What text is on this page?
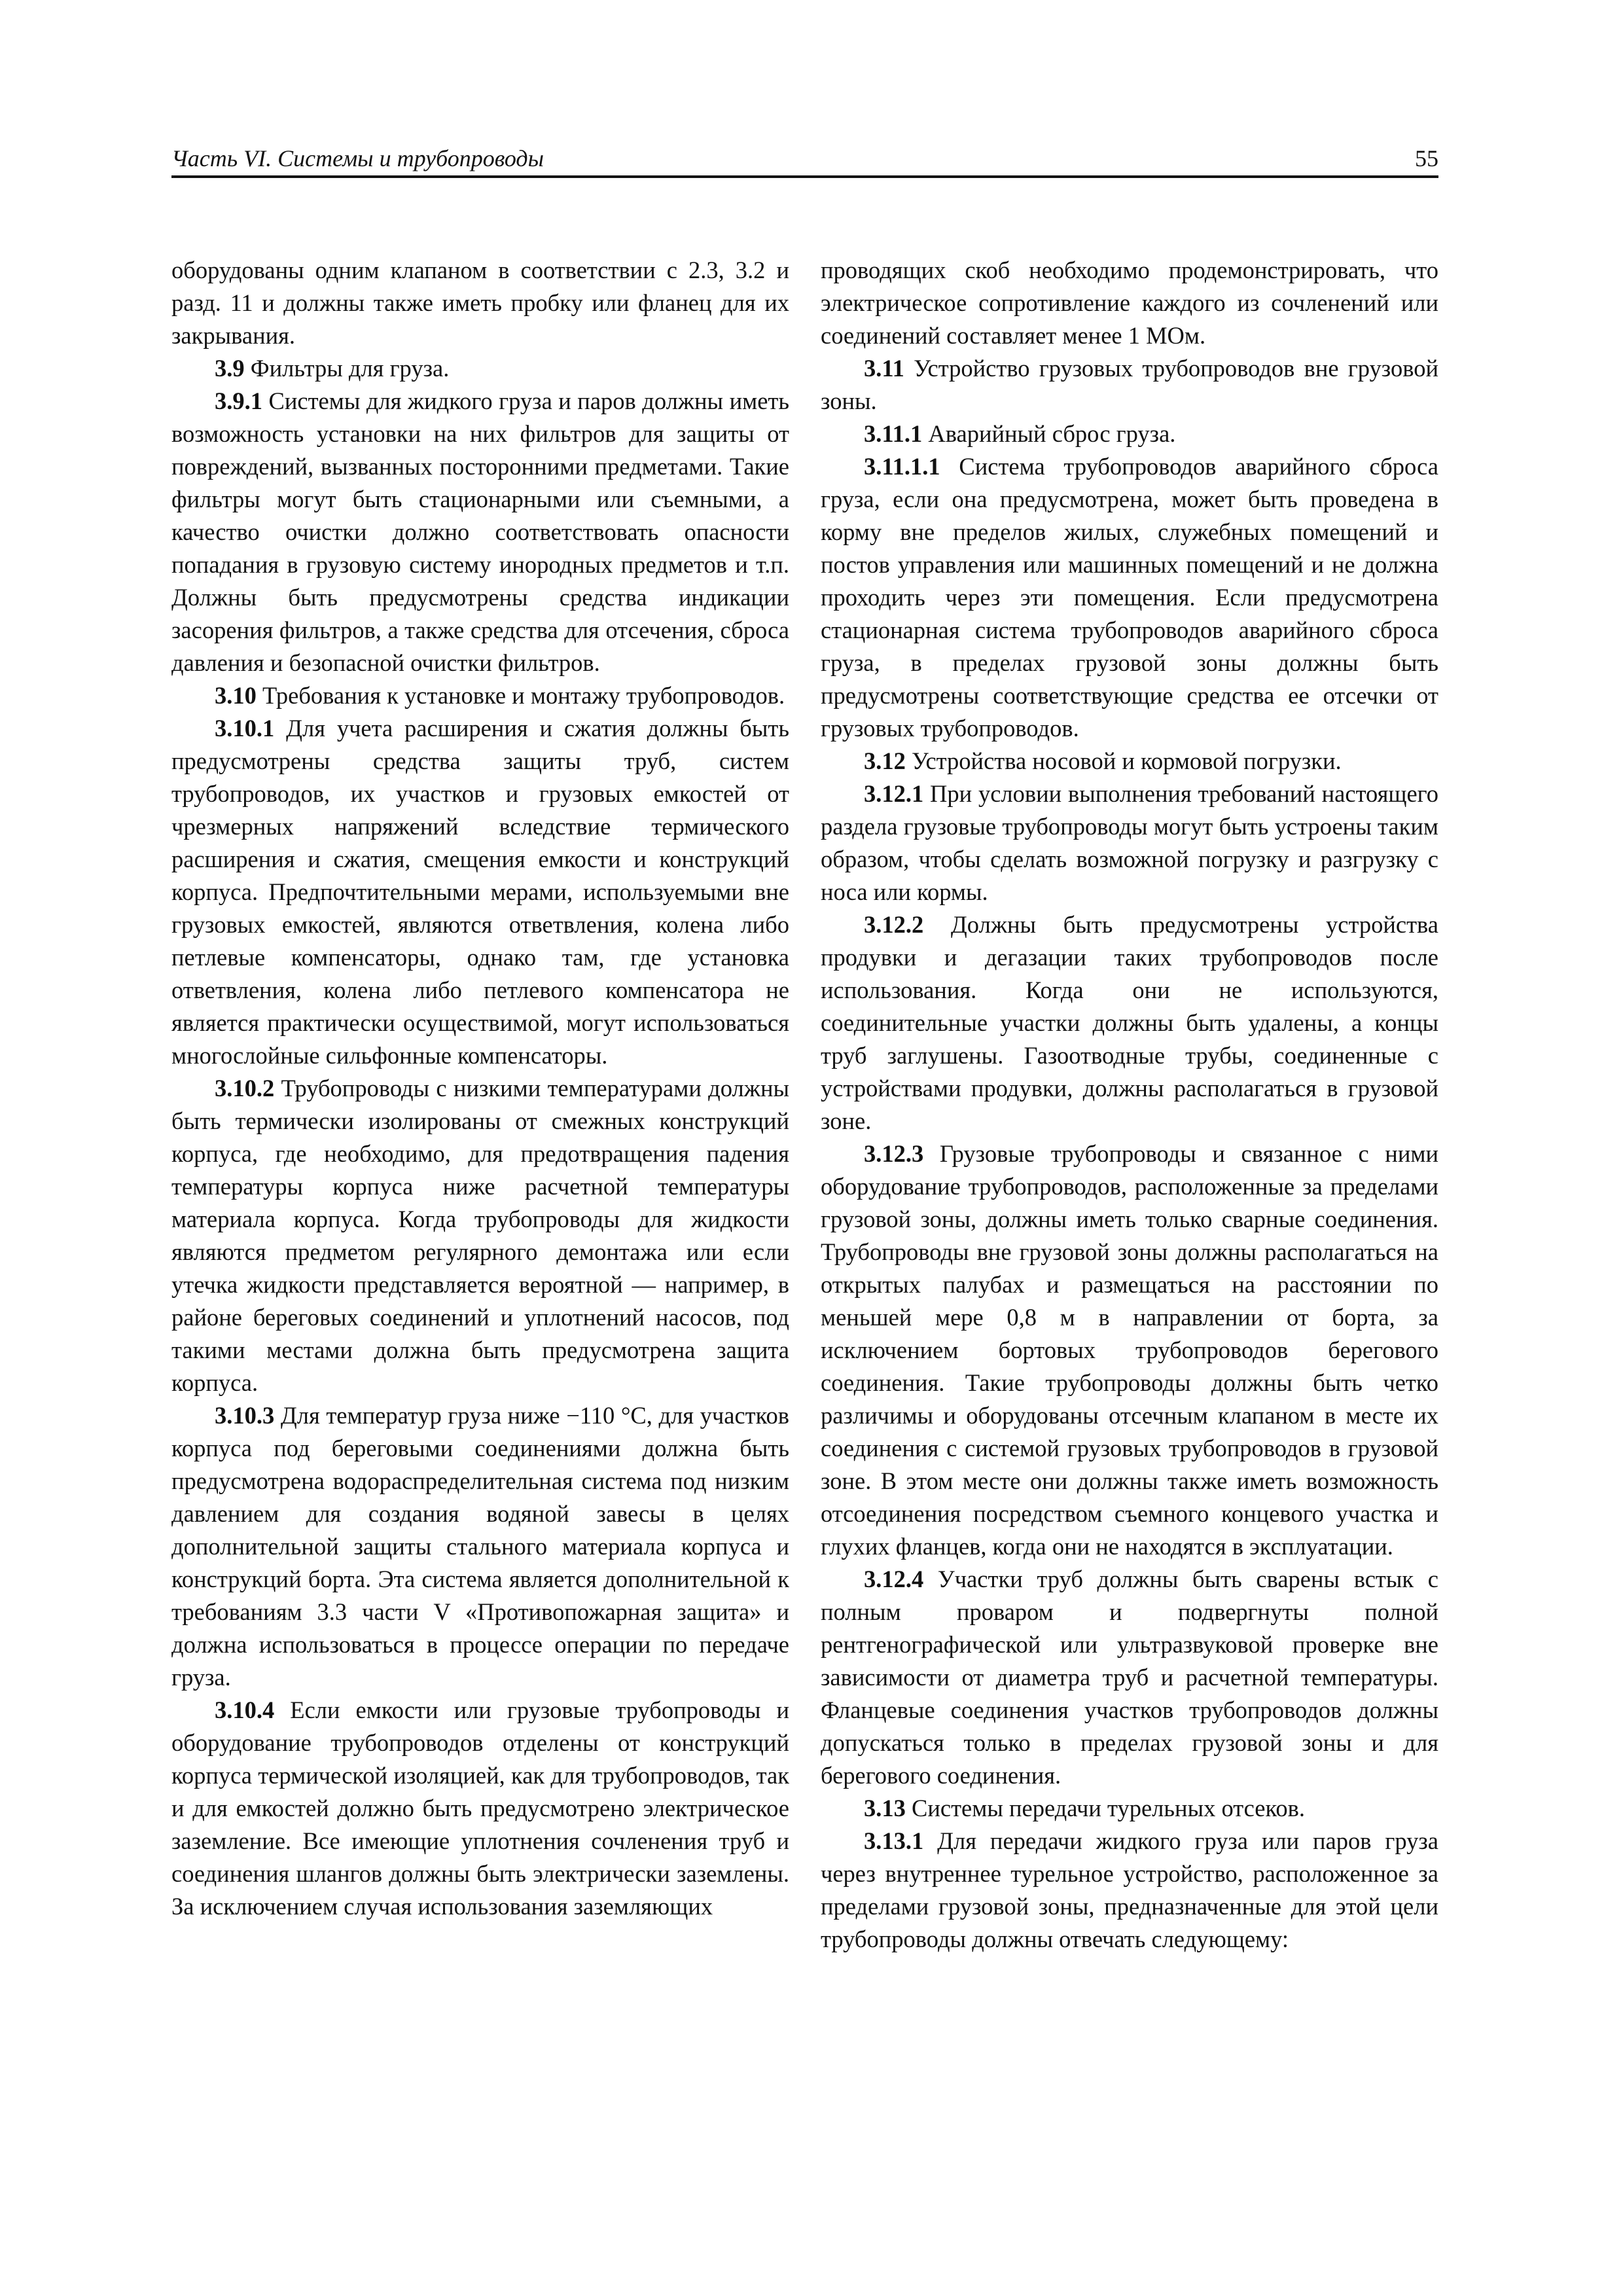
Часть VI. Системы и трубопроводы	55

оборудованы одним клапаном в соответствии с 2.3, 3.2 и разд. 11 и должны также иметь пробку или фланец для их закрывания.

3.9 Фильтры для груза.

3.9.1 Системы для жидкого груза и паров должны иметь возможность установки на них фильтров для защиты от повреждений, вызванных посторонними предметами. Такие фильтры могут быть стационарными или съемными, а качество очистки должно соответствовать опасности попадания в грузовую систему инородных предметов и т.п. Должны быть предусмотрены средства индикации засорения фильтров, а также средства для отсечения, сброса давления и безопасной очистки фильтров.

3.10 Требования к установке и монтажу трубопроводов.

3.10.1 Для учета расширения и сжатия должны быть предусмотрены средства защиты труб, систем трубопроводов, их участков и грузовых емкостей от чрезмерных напряжений вследствие термического расширения и сжатия, смещения емкости и конструкций корпуса. Предпочтительными мерами, используемыми вне грузовых емкостей, являются ответвления, колена либо петлевые компенсаторы, однако там, где установка ответвления, колена либо петлевого компенсатора не является практически осуществимой, могут использоваться многослойные сильфонные компенсаторы.

3.10.2 Трубопроводы с низкими температурами должны быть термически изолированы от смежных конструкций корпуса, где необходимо, для предотвращения падения температуры корпуса ниже расчетной температуры материала корпуса. Когда трубопроводы для жидкости являются предметом регулярного демонтажа или если утечка жидкости представляется вероятной — например, в районе береговых соединений и уплотнений насосов, под такими местами должна быть предусмотрена защита корпуса.

3.10.3 Для температур груза ниже −110 °C, для участков корпуса под береговыми соединениями должна быть предусмотрена водораспределительная система под низким давлением для создания водяной завесы в целях дополнительной защиты стального материала корпуса и конструкций борта. Эта система является дополнительной к требованиям 3.3 части V «Противопожарная защита» и должна использоваться в процессе операции по передаче груза.

3.10.4 Если емкости или грузовые трубопроводы и оборудование трубопроводов отделены от конструкций корпуса термической изоляцией, как для трубопроводов, так и для емкостей должно быть предусмотрено электрическое заземление. Все имеющие уплотнения сочленения труб и соединения шлангов должны быть электрически заземлены. За исключением случая использования заземляющих

проводящих скоб необходимо продемонстрировать, что электрическое сопротивление каждого из сочленений или соединений составляет менее 1 МОм.

3.11 Устройство грузовых трубопроводов вне грузовой зоны.

3.11.1 Аварийный сброс груза.

3.11.1.1 Система трубопроводов аварийного сброса груза, если она предусмотрена, может быть проведена в корму вне пределов жилых, служебных помещений и постов управления или машинных помещений и не должна проходить через эти помещения. Если предусмотрена стационарная система трубопроводов аварийного сброса груза, в пределах грузовой зоны должны быть предусмотрены соответствующие средства ее отсечки от грузовых трубопроводов.

3.12 Устройства носовой и кормовой погрузки.

3.12.1 При условии выполнения требований настоящего раздела грузовые трубопроводы могут быть устроены таким образом, чтобы сделать возможной погрузку и разгрузку с носа или кормы.

3.12.2 Должны быть предусмотрены устройства продувки и дегазации таких трубопроводов после использования. Когда они не используются, соединительные участки должны быть удалены, а концы труб заглушены. Газоотводные трубы, соединенные с устройствами продувки, должны располагаться в грузовой зоне.

3.12.3 Грузовые трубопроводы и связанное с ними оборудование трубопроводов, расположенные за пределами грузовой зоны, должны иметь только сварные соединения. Трубопроводы вне грузовой зоны должны располагаться на открытых палубах и размещаться на расстоянии по меньшей мере 0,8 м в направлении от борта, за исключением бортовых трубопроводов берегового соединения. Такие трубопроводы должны быть четко различимы и оборудованы отсечным клапаном в месте их соединения с системой грузовых трубопроводов в грузовой зоне. В этом месте они должны также иметь возможность отсоединения посредством съемного концевого участка и глухих фланцев, когда они не находятся в эксплуатации.

3.12.4 Участки труб должны быть сварены встык с полным проваром и подвергнуты полной рентгенографической или ультразвуковой проверке вне зависимости от диаметра труб и расчетной температуры. Фланцевые соединения участков трубопроводов должны допускаться только в пределах грузовой зоны и для берегового соединения.

3.13 Системы передачи турельных отсеков.

3.13.1 Для передачи жидкого груза или паров груза через внутреннее турельное устройство, расположенное за пределами грузовой зоны, предназначенные для этой цели трубопроводы должны отвечать следующему:
